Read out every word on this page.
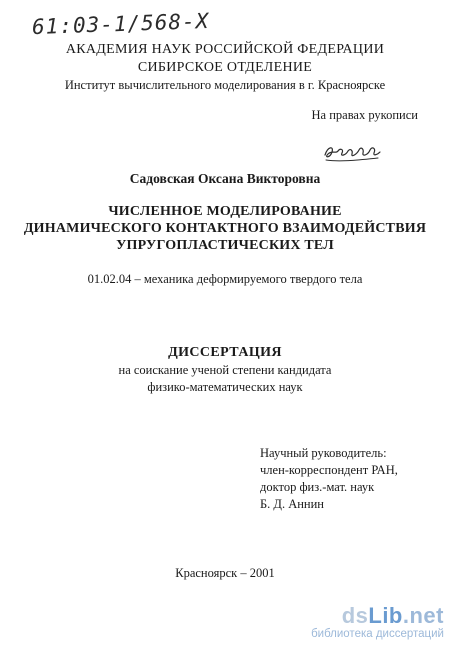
61:03-1/568-X
АКАДЕМИЯ НАУК РОССИЙСКОЙ ФЕДЕРАЦИИ
СИБИРСКОЕ ОТДЕЛЕНИЕ
Институт вычислительного моделирования в г. Красноярске
На правах рукописи
Садовская Оксана Викторовна
ЧИСЛЕННОЕ МОДЕЛИРОВАНИЕ
ДИНАМИЧЕСКОГО КОНТАКТНОГО ВЗАИМОДЕЙСТВИЯ
УПРУГОПЛАСТИЧЕСКИХ ТЕЛ
01.02.04 – механика деформируемого твердого тела
ДИССЕРТАЦИЯ
на соискание ученой степени кандидата
физико-математических наук
Научный руководитель:
член-корреспондент РАН,
доктор физ.-мат. наук
Б. Д. Аннин
Красноярск – 2001
dsLib.net
библиотека диссертаций
